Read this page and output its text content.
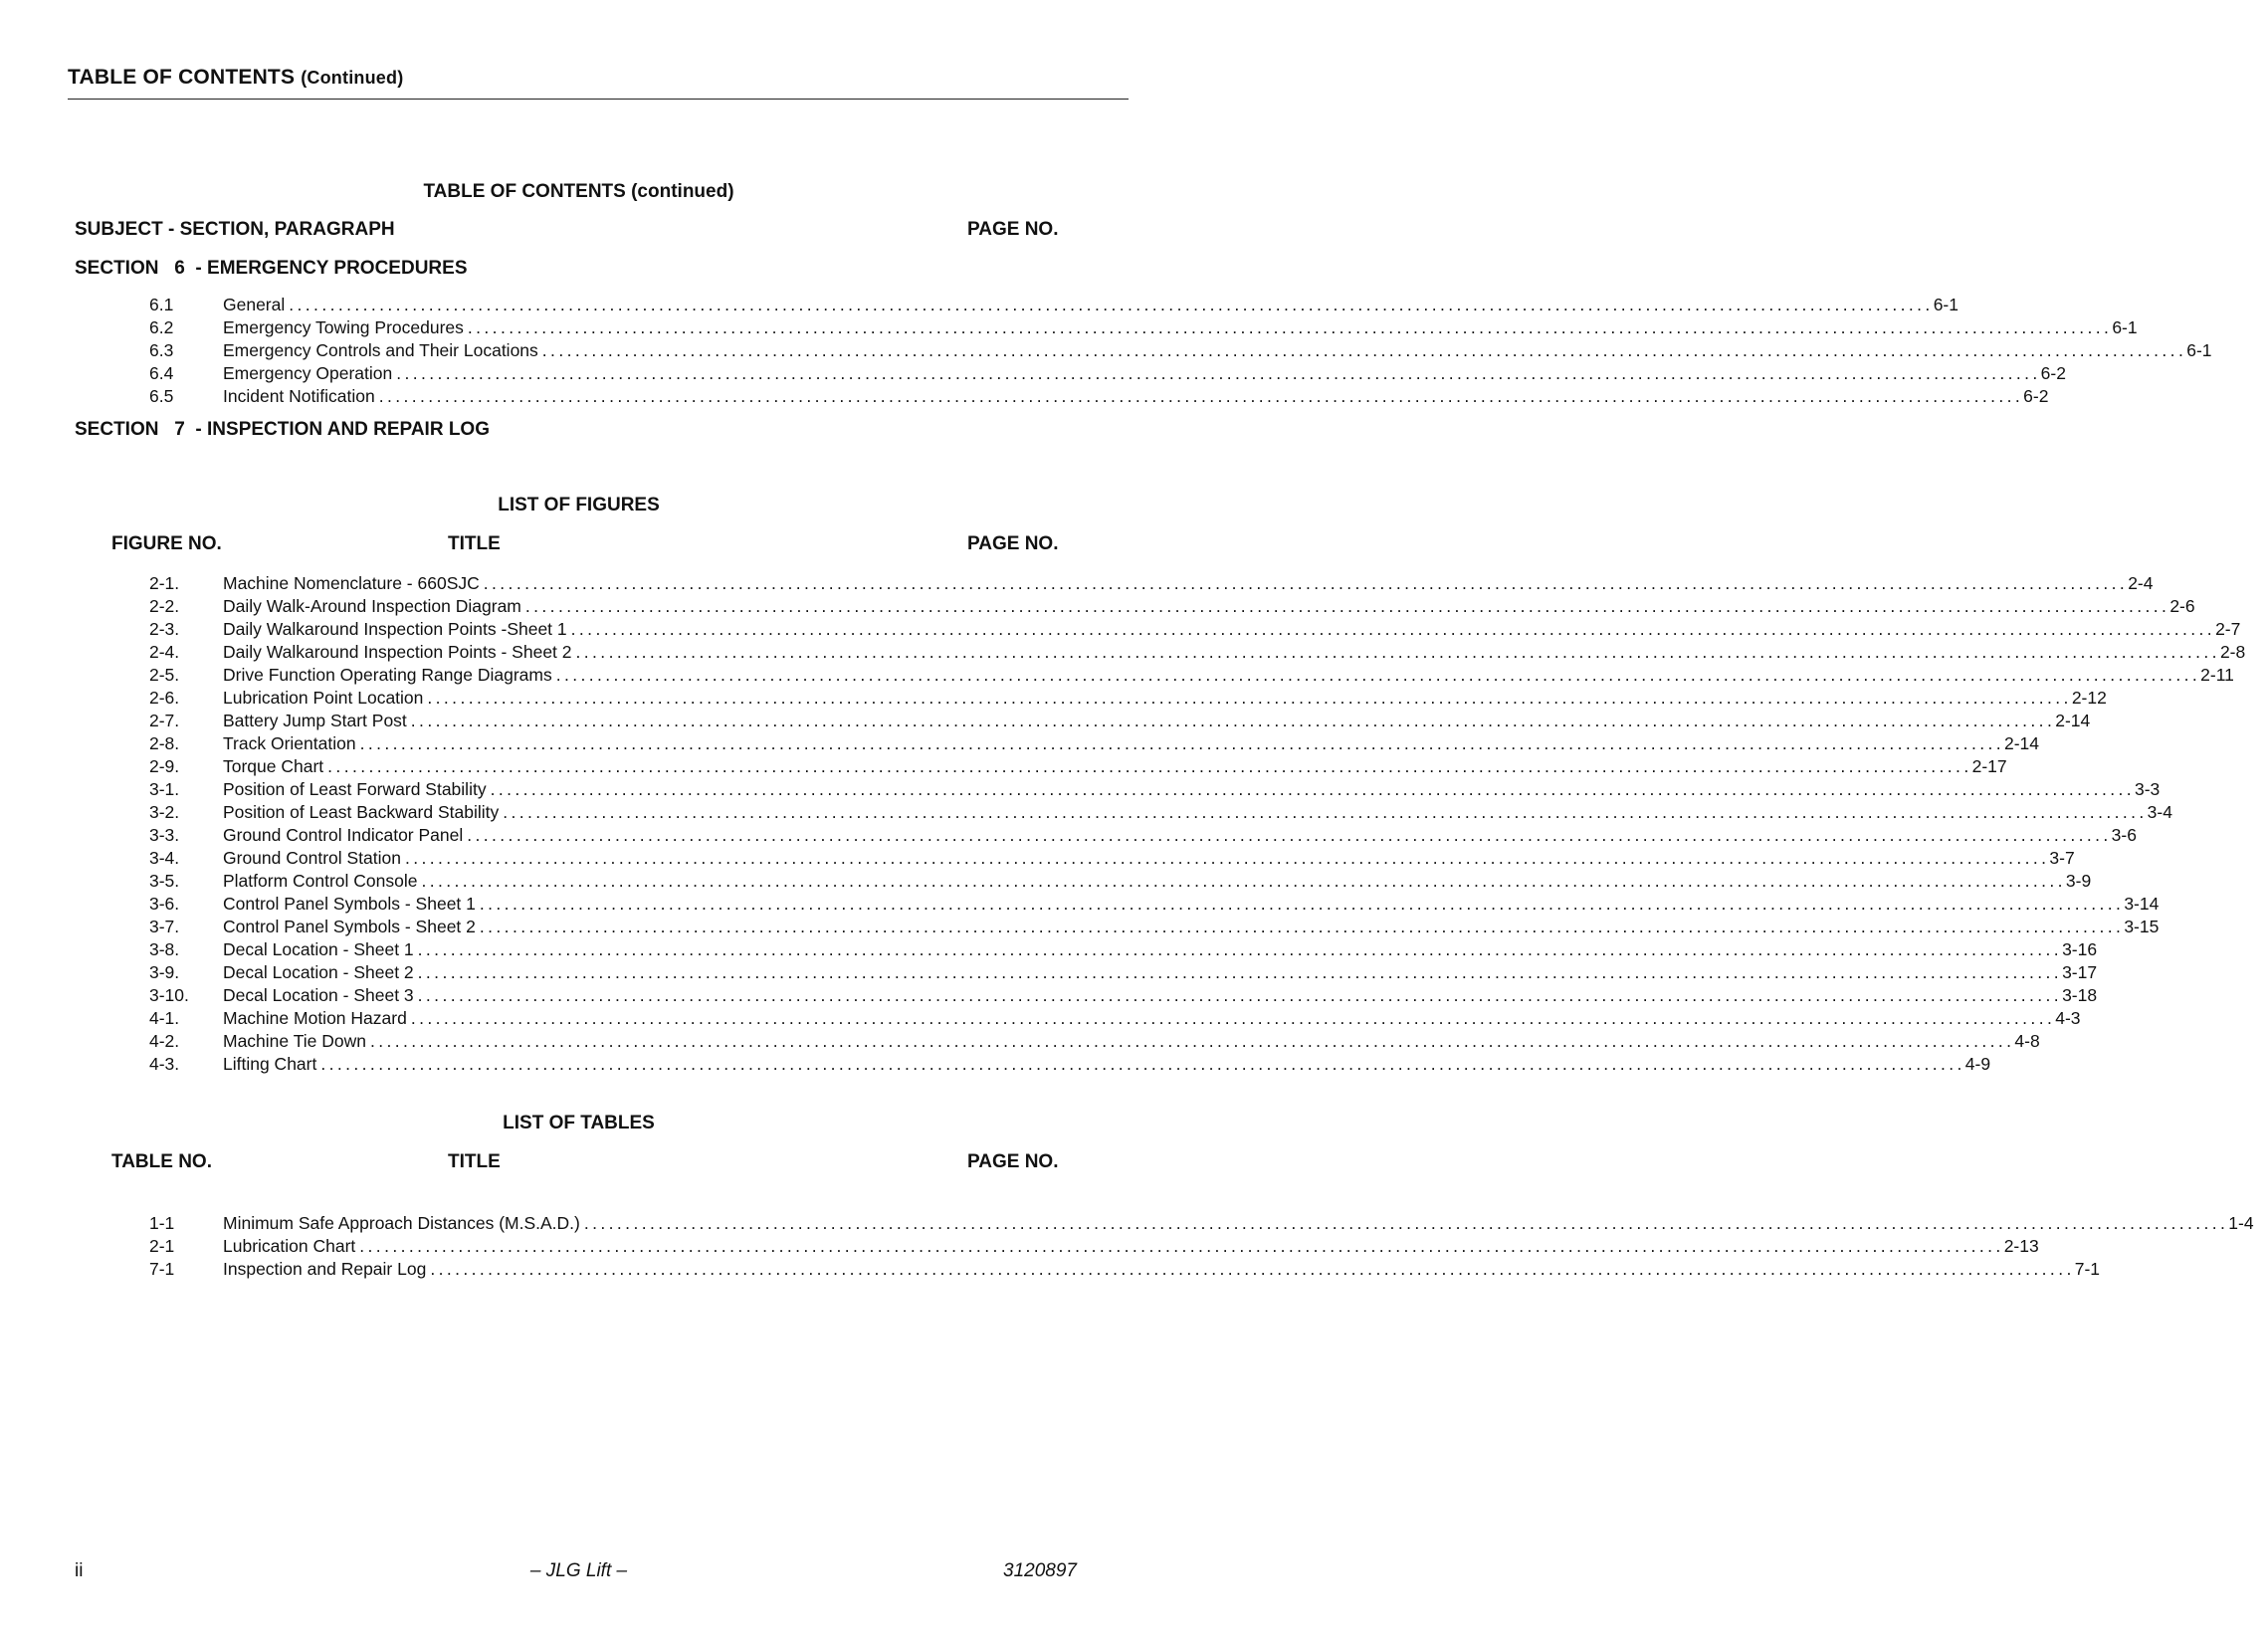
TABLE OF CONTENTS (Continued)
TABLE OF CONTENTS (continued)
SUBJECT - SECTION, PARAGRAPH	PAGE NO.
SECTION   6  - EMERGENCY PROCEDURES
6.1	General ........................................................................................................................................................................................................ 6-1
6.2	Emergency Towing Procedures ........................................................................................................................................................................................................ 6-1
6.3	Emergency Controls and Their Locations ........................................................................................................................................................................................................ 6-1
6.4	Emergency Operation ........................................................................................................................................................................................................ 6-2
6.5	Incident Notification ........................................................................................................................................................................................................ 6-2
SECTION   7  - INSPECTION AND REPAIR LOG
LIST OF FIGURES
FIGURE NO.	TITLE	PAGE NO.
2-1.	Machine Nomenclature - 660SJC ........................................................................................................................................................................................................ 2-4
2-2.	Daily Walk-Around Inspection Diagram ........................................................................................................................................................................................................ 2-6
2-3.	Daily Walkaround Inspection Points -Sheet 1 ........................................................................................................................................................................................................ 2-7
2-4.	Daily Walkaround Inspection Points - Sheet 2 ........................................................................................................................................................................................................ 2-8
2-5.	Drive Function Operating Range Diagrams ........................................................................................................................................................................................................ 2-11
2-6.	Lubrication Point Location ........................................................................................................................................................................................................ 2-12
2-7.	Battery Jump Start Post ........................................................................................................................................................................................................ 2-14
2-8.	Track Orientation ........................................................................................................................................................................................................ 2-14
2-9.	Torque Chart ........................................................................................................................................................................................................ 2-17
3-1.	Position of Least Forward Stability ........................................................................................................................................................................................................ 3-3
3-2.	Position of Least Backward Stability ........................................................................................................................................................................................................ 3-4
3-3.	Ground Control Indicator Panel ........................................................................................................................................................................................................ 3-6
3-4.	Ground Control Station ........................................................................................................................................................................................................ 3-7
3-5.	Platform Control Console ........................................................................................................................................................................................................ 3-9
3-6.	Control Panel Symbols - Sheet 1 ........................................................................................................................................................................................................ 3-14
3-7.	Control Panel Symbols - Sheet 2 ........................................................................................................................................................................................................ 3-15
3-8.	Decal Location - Sheet 1 ........................................................................................................................................................................................................ 3-16
3-9.	Decal Location - Sheet 2 ........................................................................................................................................................................................................ 3-17
3-10. Decal Location - Sheet 3 ........................................................................................................................................................................................................ 3-18
4-1.	Machine Motion Hazard ........................................................................................................................................................................................................ 4-3
4-2.	Machine Tie Down ........................................................................................................................................................................................................ 4-8
4-3.	Lifting Chart ........................................................................................................................................................................................................ 4-9
LIST OF TABLES
TABLE NO.	TITLE	PAGE NO.
1-1	Minimum Safe Approach Distances (M.S.A.D.) ........................................................................................................................................................................................................ 1-4
2-1	Lubrication Chart ........................................................................................................................................................................................................ 2-13
7-1	Inspection and Repair Log ........................................................................................................................................................................................................ 7-1
ii	– JLG Lift –	3120897
